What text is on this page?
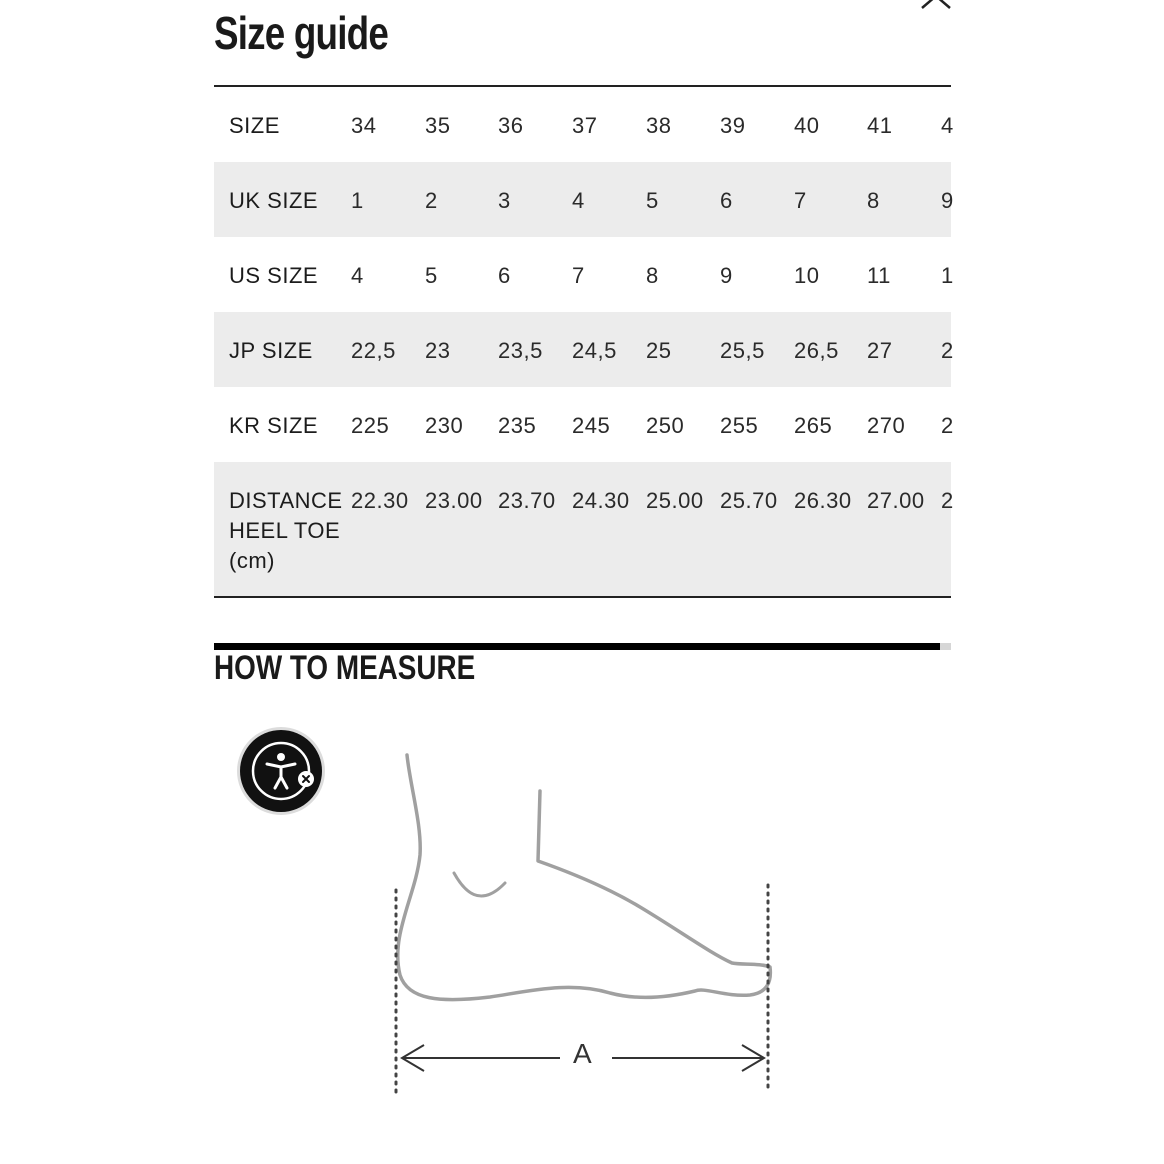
Size guide
SIZE	34 35 36 37 38 39 40 41 4
UK SIZE 1	2	3	4	5	6	7	8	9
US SIZE 4	5	6	7	8	9	10 11 1
JP SIZE 22,5 23 23,5 24,5 25 25,5 26,5 27 2
KR SIZE 225 230 235 245 250 255 265 270 2
DISTANCE
HEEL TOE
(cm)
22.30 23.00 23.70 24.30 25.00 25.70 26.30 27.00 2
HOW TO MEASURE
A
